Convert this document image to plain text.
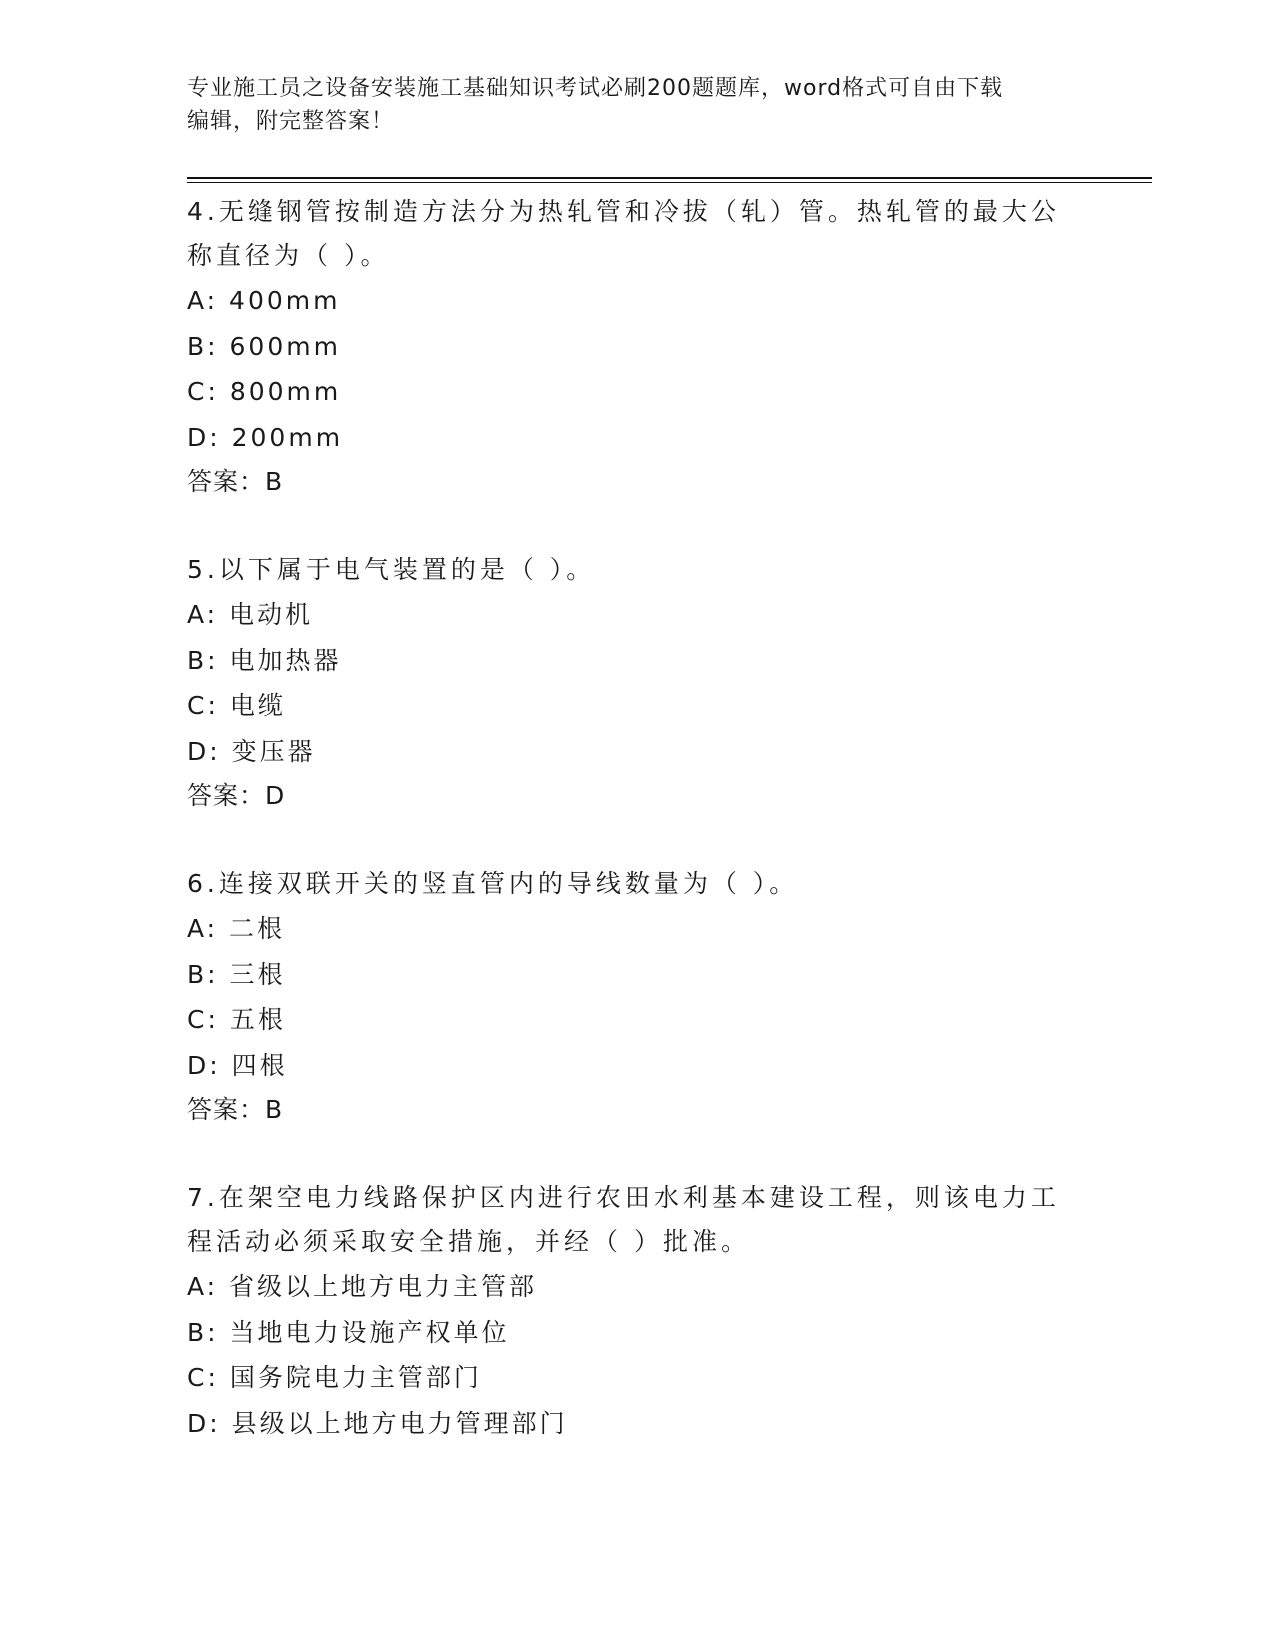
专业施工员之设备安装施工基础知识考试必刷200题题库，word格式可自由下载
编辑，附完整答案！
4.无缝钢管按制造方法分为热轧管和冷拔（轧）管。热轧管的最大公
称直径为（ ）。
A: 400mm
B: 600mm
C: 800mm
D: 200mm
答案：B
5.以下属于电气装置的是（ ）。
A: 电动机
B: 电加热器
C: 电缆
D: 变压器
答案：D
6.连接双联开关的竖直管内的导线数量为（ ）。
A: 二根
B: 三根
C: 五根
D: 四根
答案：B
7.在架空电力线路保护区内进行农田水利基本建设工程，则该电力工
程活动必须采取安全措施，并经（ ）批准。
A: 省级以上地方电力主管部
B: 当地电力设施产权单位
C: 国务院电力主管部门
D: 县级以上地方电力管理部门
